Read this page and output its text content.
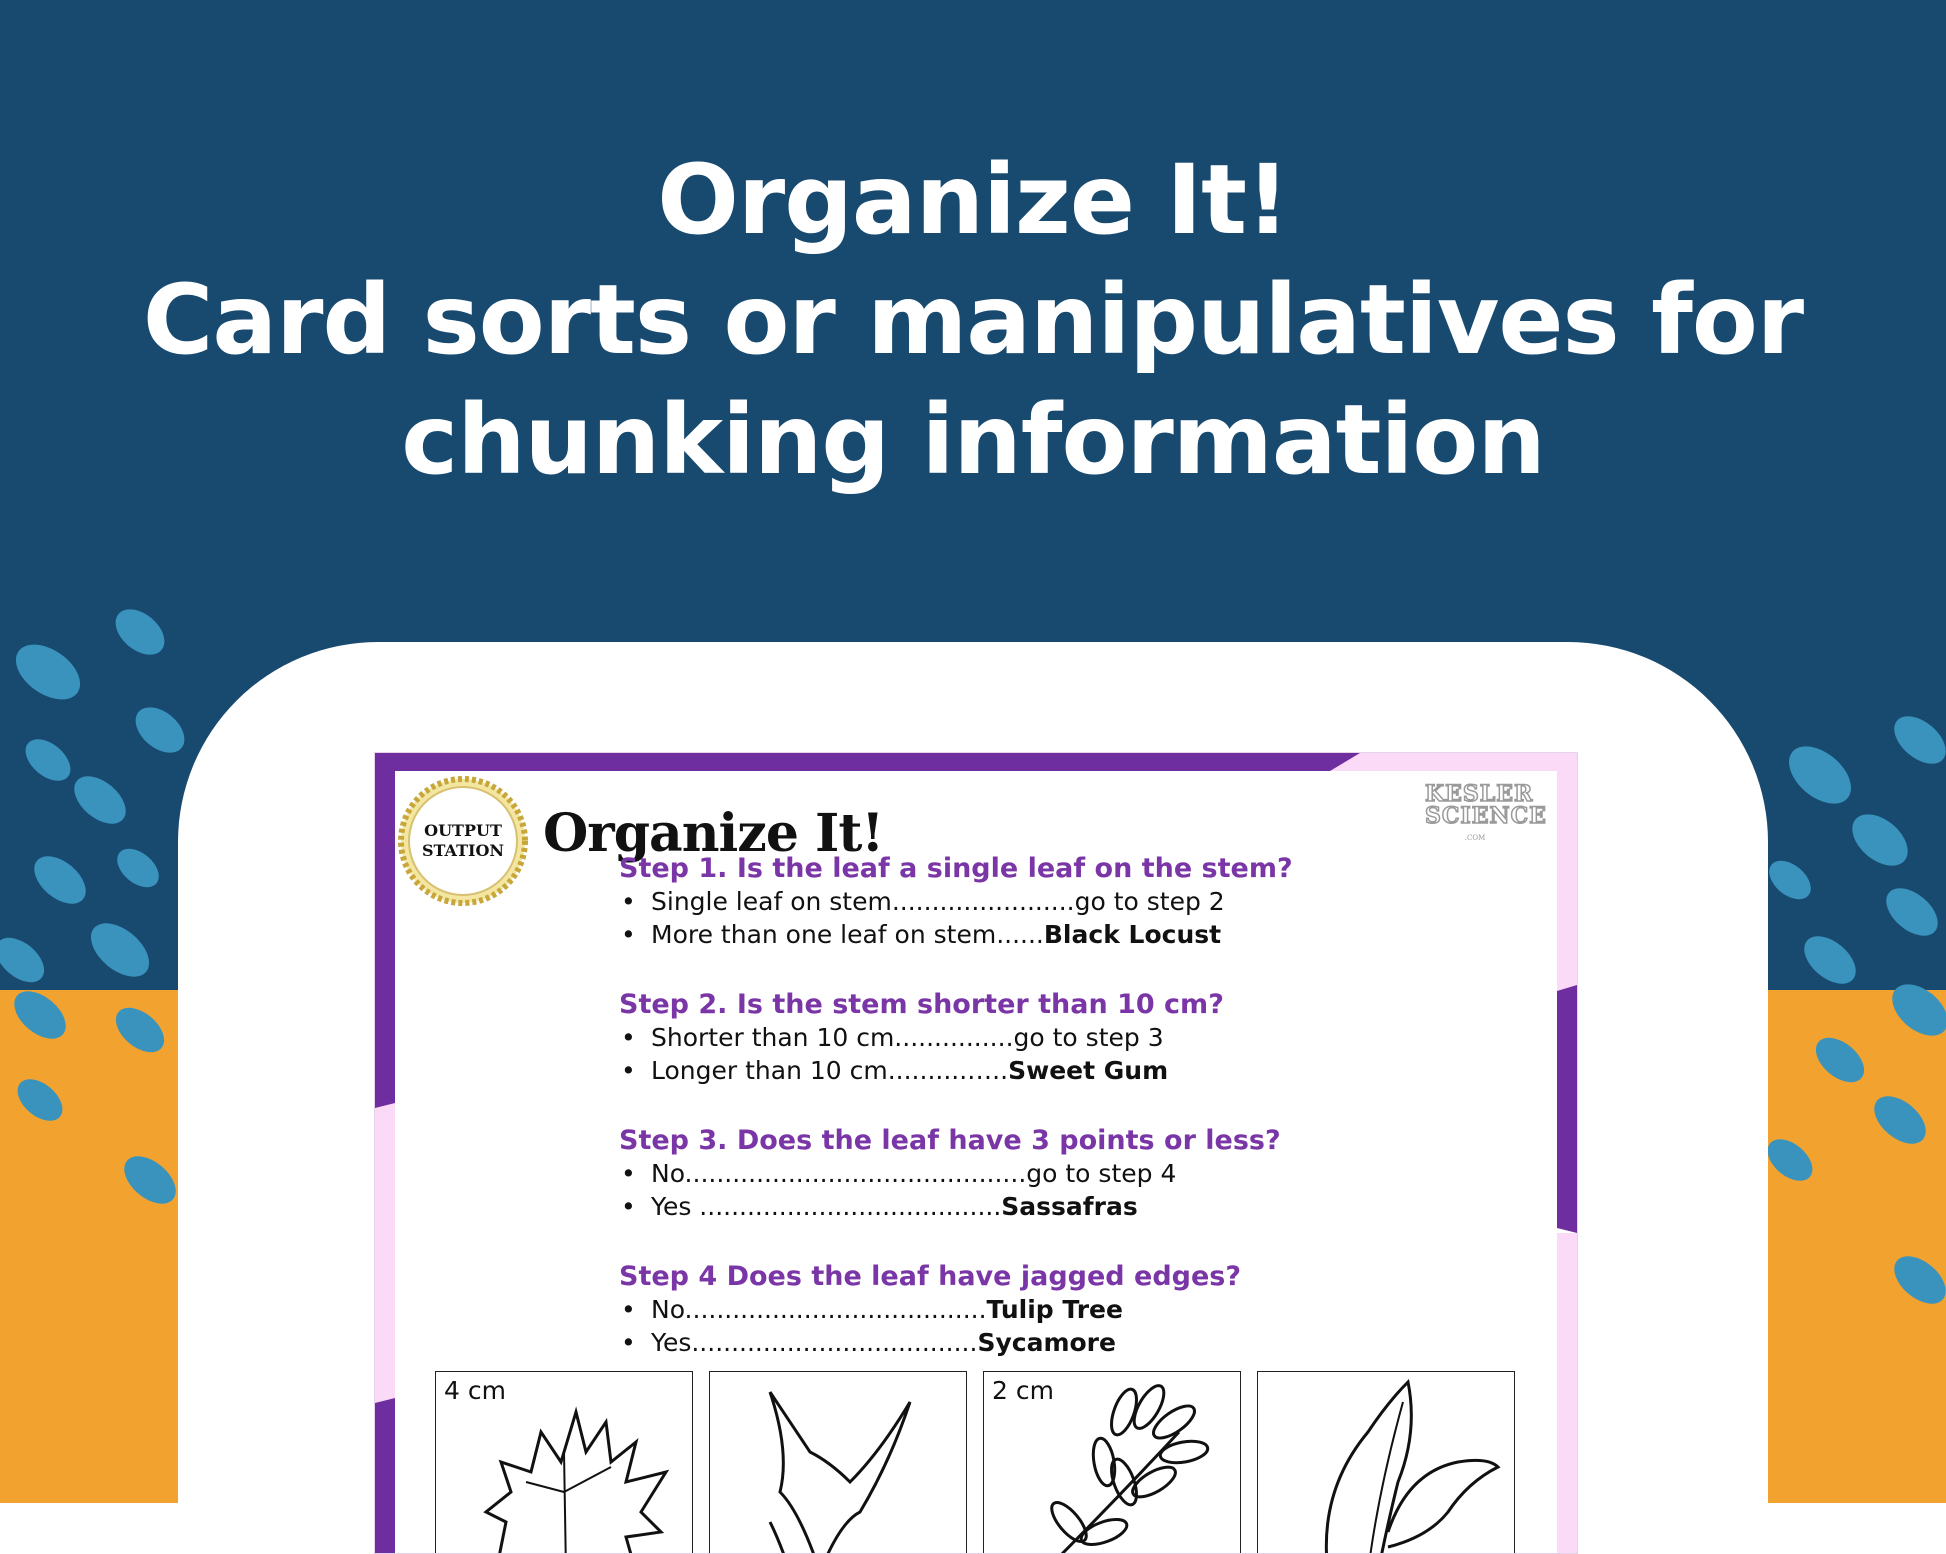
Organize It!
Card sorts or manipulatives for
chunking information
OUTPUT
STATION Organize It!
KESLER
SCIENCE
.COM
Step 1. Is the leaf a single leaf on the stem?
• Single leaf on stem.......................go to step 2
• More than one leaf on stem......Black Locust
Step 2. Is the stem shorter than 10 cm?
• Shorter than 10 cm...............go to step 3
• Longer than 10 cm..........…..Sweet Gum
Step 3. Does the leaf have 3 points or less?
• No...........................................go to step 4
• Yes ......................................Sassafras
Step 4 Does the leaf have jagged edges?
• No......................................Tulip Tree
• Yes....................................Sycamore
4 cm	2 cm
